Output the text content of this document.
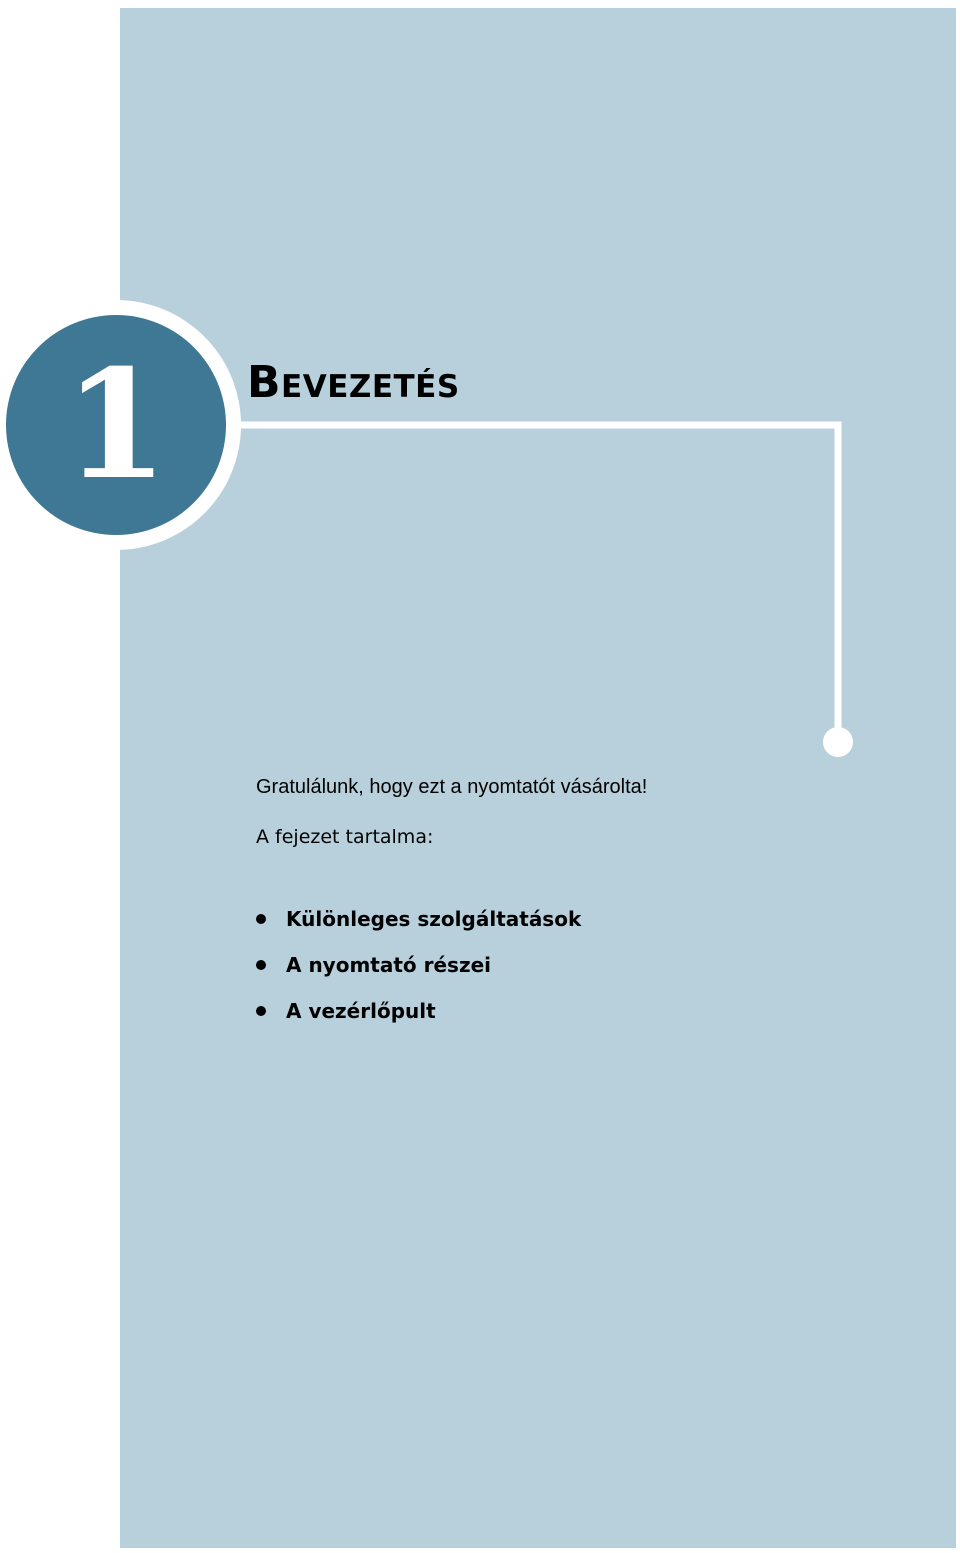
1	Bevezetés

Gratulálunk, hogy ezt a nyomtatót vásárolta!

A fejezet tartalma:

Különleges szolgáltatások
A nyomtató részei
A vezérlőpult
